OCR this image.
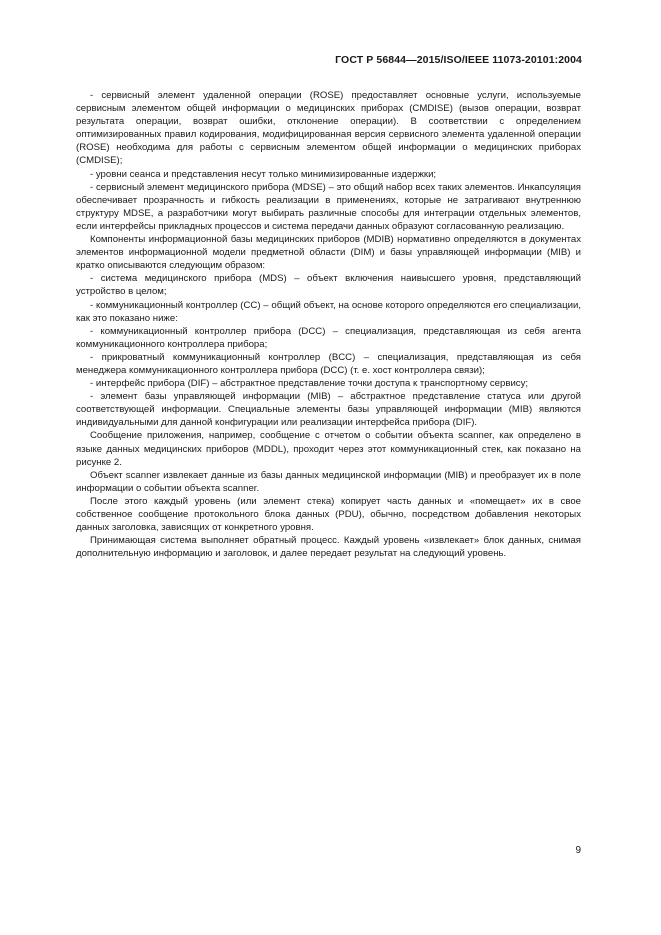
ГОСТ Р 56844—2015/ISO/IEEE 11073-20101:2004

- сервисный элемент удаленной операции (ROSE) предоставляет основные услуги, используемые сервисным элементом общей информации о медицинских приборах (CMDISE) (вызов операции, возврат результата операции, возврат ошибки, отклонение операции). В соответствии с определением оптимизированных правил кодирования, модифицированная версия сервисного элемента удаленной операции (ROSE) необходима для работы с сервисным элементом общей информации о медицинских приборах (CMDISE);

- уровни сеанса и представления несут только минимизированные издержки;

- сервисный элемент медицинского прибора (MDSE) – это общий набор всех таких элементов. Инкапсуляция обеспечивает прозрачность и гибкость реализации в применениях, которые не затрагивают внутреннюю структуру MDSE, а разработчики могут выбирать различные способы для интеграции отдельных элементов, если интерфейсы прикладных процессов и система передачи данных образуют согласованную реализацию.

Компоненты информационной базы медицинских приборов (MDIB) нормативно определяются в документах элементов информационной модели предметной области (DIM) и базы управляющей информации (MIB) и кратко описываются следующим образом:

- система медицинского прибора (MDS) – объект включения наивысшего уровня, представляющий устройство в целом;

- коммуникационный контроллер (CC) – общий объект, на основе которого определяются его специализации, как это показано ниже:

- коммуникационный контроллер прибора (DCC) – специализация, представляющая из себя агента коммуникационного контроллера прибора;

- прикроватный коммуникационный контроллер (BCC) – специализация, представляющая из себя менеджера коммуникационного контроллера прибора (DCC) (т. е. хост контроллера связи);

- интерфейс прибора (DIF) – абстрактное представление точки доступа к транспортному сервису;

- элемент базы управляющей информации (MIB) – абстрактное представление статуса или другой соответствующей информации. Специальные элементы базы управляющей информации (MIB) являются индивидуальными для данной конфигурации или реализации интерфейса прибора (DIF).

Сообщение приложения, например, сообщение с отчетом о событии объекта scanner, как определено в языке данных медицинских приборов (MDDL), проходит через этот коммуникационный стек, как показано на рисунке 2.

Объект scanner извлекает данные из базы данных медицинской информации (MIB) и преобразует их в поле информации о событии объекта scanner.

После этого каждый уровень (или элемент стека) копирует часть данных и «помещает» их в свое собственное сообщение протокольного блока данных (PDU), обычно, посредством добавления некоторых данных заголовка, зависящих от конкретного уровня.

Принимающая система выполняет обратный процесс. Каждый уровень «извлекает» блок данных, снимая дополнительную информацию и заголовок, и далее передает результат на следующий уровень.

9
